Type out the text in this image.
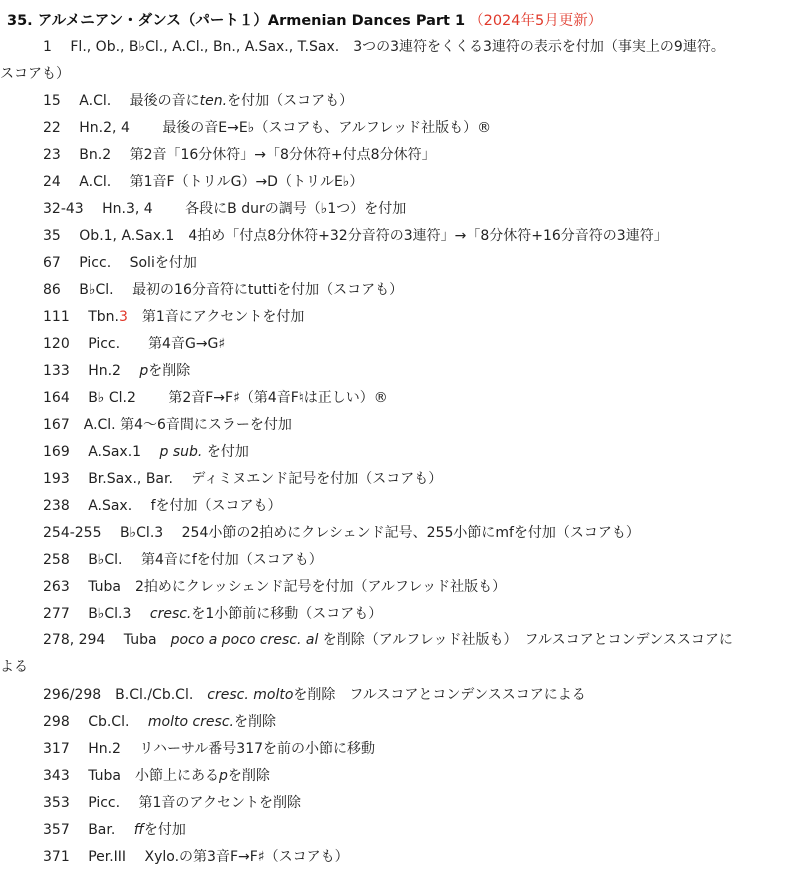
35. アルメニアン・ダンス（パート１）Armenian Dances Part 1 （2024年5月更新）
1　 Fl., Ob., B♭Cl., A.Cl., Bn., A.Sax., T.Sax.　3つの3連符をくくる3連符の表示を付加（事実上の9連符。
スコアも）
15　 A.Cl.　 最後の音にten.を付加（スコアも）
22　 Hn.2, 4　　 最後の音E→E♭（スコアも、アルフレッド社版も）®
23　 Bn.2　 第2音「16分休符」→「8分休符+付点8分休符」
24　 A.Cl.　 第1音F（トリルG）→D（トリルE♭）
32-43　 Hn.3, 4　　 各段にB durの調号（♭1つ）を付加
35　 Ob.1, A.Sax.1　 4拍め「付点8分休符+32分音符の3連符」→「8分休符+16分音符の3連符」
67　 Picc.　 Soliを付加
86　 B♭Cl.　 最初の16分音符にtuttiを付加（スコアも）
111　 Tbn.3　 第1音にアクセントを付加
120　 Picc.　　 第4音G→G♯
133　 Hn.2　 pを削除
164　 B♭ Cl.2　　 第2音F→F♯（第4音F♮は正しい）®
167　 A.Cl. 第4～6音間にスラーを付加
169　 A.Sax.1　 p sub. を付加
193　 Br.Sax., Bar.　 ディミヌエンド記号を付加（スコアも）
238　 A.Sax.　 fを付加（スコアも）
254-255　 B♭Cl.3　 254小節の2拍めにクレシェンド記号、255小節にmfを付加（スコアも）
258　 B♭Cl.　 第4音にfを付加（スコアも）
263　 Tuba　 2拍めにクレッシェンド記号を付加（アルフレッド社版も）
277　 B♭Cl.3　 cresc.を1小節前に移動（スコアも）
278, 294　 Tuba　 poco a poco cresc. al を削除（アルフレッド社版も）　フルスコアとコンデンススコアに
よる
296/298　 B.Cl./Cb.Cl.　 cresc. moltoを削除　フルスコアとコンデンススコアによる
298　 Cb.Cl.　 molto cresc.を削除
317　 Hn.2　 リハーサル番号317を前の小節に移動
343　 Tuba　 小節上にあるpを削除
353　 Picc.　 第1音のアクセントを削除
357　 Bar.　 ffを付加
371　 Per.III　 Xylo.の第3音F→F♯（スコアも）
